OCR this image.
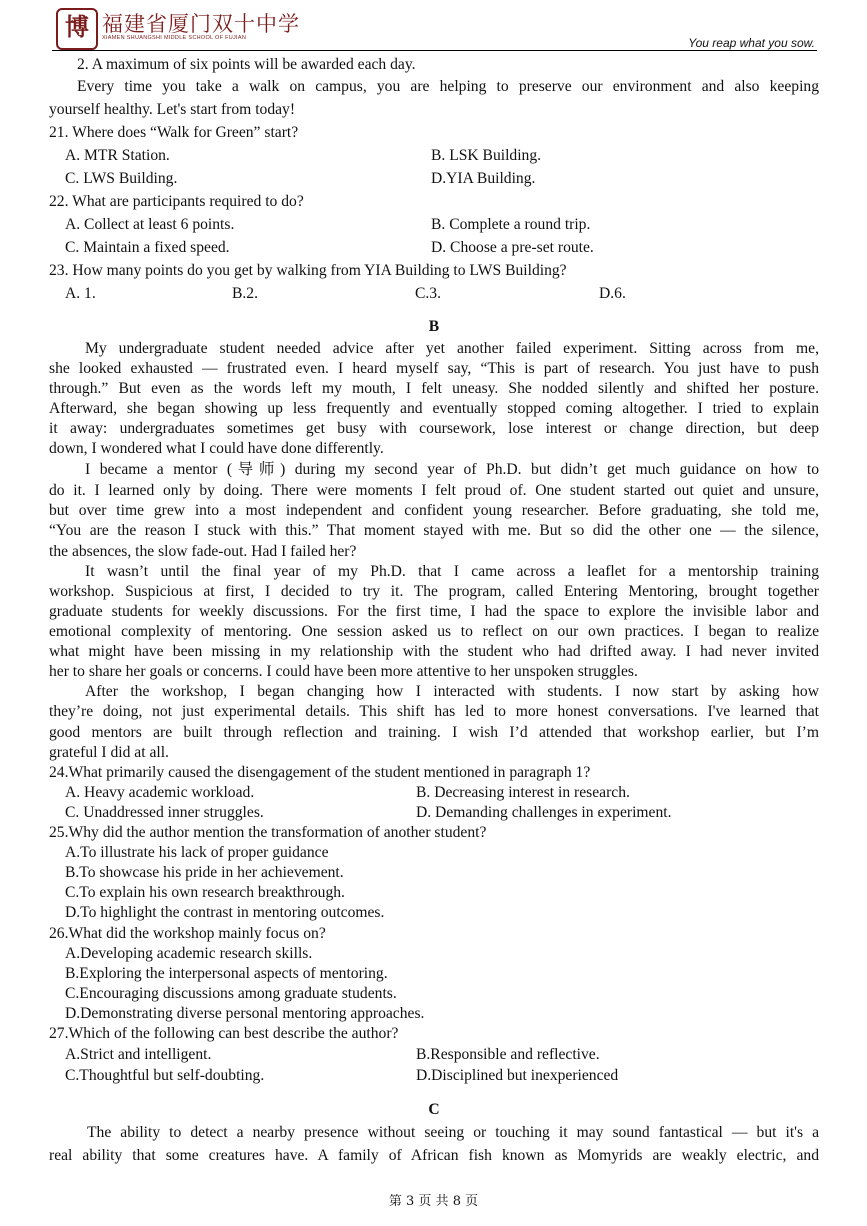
博 福建省厦门双十中学
XIAMEN SHUANGSHI MIDDLE SCHOOL OF FUJIAN	You reap what you sow.
2. A maximum of six points will be awarded each day.
Every time you take a walk on campus, you are helping to preserve our environment and also keeping
yourself healthy. Let's start from today!
21. Where does “Walk for Green” start?
A. MTR Station.	B. LSK Building.
C. LWS Building.	D.YIA Building.
22. What are participants required to do?
A. Collect at least 6 points.	B. Complete a round trip.
C. Maintain a fixed speed.	D. Choose a pre-set route.
23. How many points do you get by walking from YIA Building to LWS Building?
A. 1.	B.2.	C.3.	D.6.
B
My undergraduate student needed advice after yet another failed experiment. Sitting across from me,
she looked exhausted — frustrated even. I heard myself say, “This is part of research. You just have to push
through.” But even as the words left my mouth, I felt uneasy. She nodded silently and shifted her posture.
Afterward, she began showing up less frequently and eventually stopped coming altogether. I tried to explain
it away: undergraduates sometimes get busy with coursework, lose interest or change direction, but deep
down, I wondered what I could have done differently.
I became a mentor (导师) during my second year of Ph.D. but didn’t get much guidance on how to
do it. I learned only by doing. There were moments I felt proud of. One student started out quiet and unsure,
but over time grew into a most independent and confident young researcher. Before graduating, she told me,
“You are the reason I stuck with this.” That moment stayed with me. But so did the other one — the silence,
the absences, the slow fade-out. Had I failed her?
It wasn’t until the final year of my Ph.D. that I came across a leaflet for a mentorship training
workshop. Suspicious at first, I decided to try it. The program, called Entering Mentoring, brought together
graduate students for weekly discussions. For the first time, I had the space to explore the invisible labor and
emotional complexity of mentoring. One session asked us to reflect on our own practices. I began to realize
what might have been missing in my relationship with the student who had drifted away. I had never invited
her to share her goals or concerns. I could have been more attentive to her unspoken struggles.
After the workshop, I began changing how I interacted with students. I now start by asking how
they’re doing, not just experimental details. This shift has led to more honest conversations. I've learned that
good mentors are built through reflection and training. I wish I’d attended that workshop earlier, but I’m
grateful I did at all.
24.What primarily caused the disengagement of the student mentioned in paragraph 1?
A. Heavy academic workload.	B. Decreasing interest in research.
C. Unaddressed inner struggles.	D. Demanding challenges in experiment.
25.Why did the author mention the transformation of another student?
A.To illustrate his lack of proper guidance
B.To showcase his pride in her achievement.
C.To explain his own research breakthrough.
D.To highlight the contrast in mentoring outcomes.
26.What did the workshop mainly focus on?
A.Developing academic research skills.
B.Exploring the interpersonal aspects of mentoring.
C.Encouraging discussions among graduate students.
D.Demonstrating diverse personal mentoring approaches.
27.Which of the following can best describe the author?
A.Strict and intelligent.	B.Responsible and reflective.
C.Thoughtful but self-doubting.	D.Disciplined but inexperienced
C
The ability to detect a nearby presence without seeing or touching it may sound fantastical — but it's a
real ability that some creatures have. A family of African fish known as Momyrids are weakly electric, and
第 3 页 共 8 页
